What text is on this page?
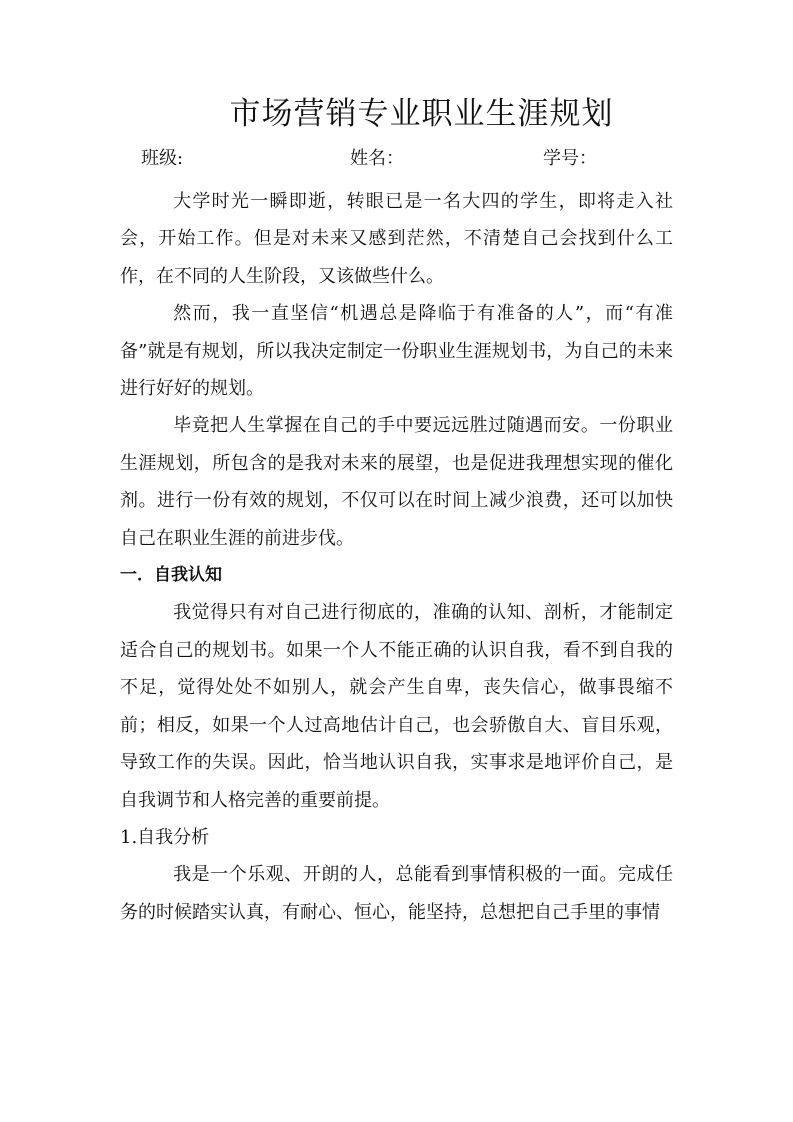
市场营销专业职业生涯规划
班级:	姓名：	学号：

大学时光一瞬即逝，转眼已是一名大四的学生，即将走入社会，开始工作。但是对未来又感到茫然，不清楚自己会找到什么工作，在不同的人生阶段，又该做些什么。

然而，我一直坚信“机遇总是降临于有准备的人”，而“有准备”就是有规划，所以我决定制定一份职业生涯规划书，为自己的未来进行好好的规划。

毕竟把人生掌握在自己的手中要远远胜过随遇而安。一份职业生涯规划，所包含的是我对未来的展望，也是促进我理想实现的催化剂。进行一份有效的规划，不仅可以在时间上减少浪费，还可以加快自己在职业生涯的前进步伐。

一．自我认知

我觉得只有对自己进行彻底的，准确的认知、剖析，才能制定适合自己的规划书。如果一个人不能正确的认识自我，看不到自我的不足，觉得处处不如别人，就会产生自卑，丧失信心，做事畏缩不前；相反，如果一个人过高地估计自己，也会骄傲自大、盲目乐观，导致工作的失误。因此，恰当地认识自我，实事求是地评价自己，是自我调节和人格完善的重要前提。

1.自我分析

我是一个乐观、开朗的人，总能看到事情积极的一面。完成任务的时候踏实认真，有耐心、恒心，能坚持，总想把自己手里的事情
